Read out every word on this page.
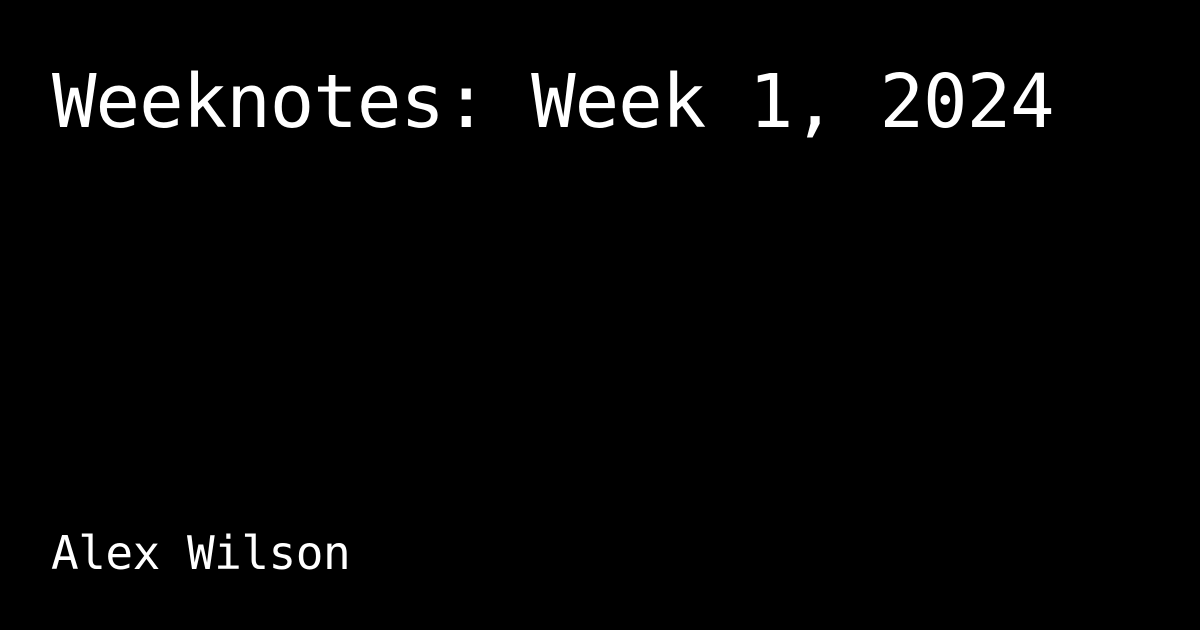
Weeknotes: Week 1, 2024

Alex Wilson
